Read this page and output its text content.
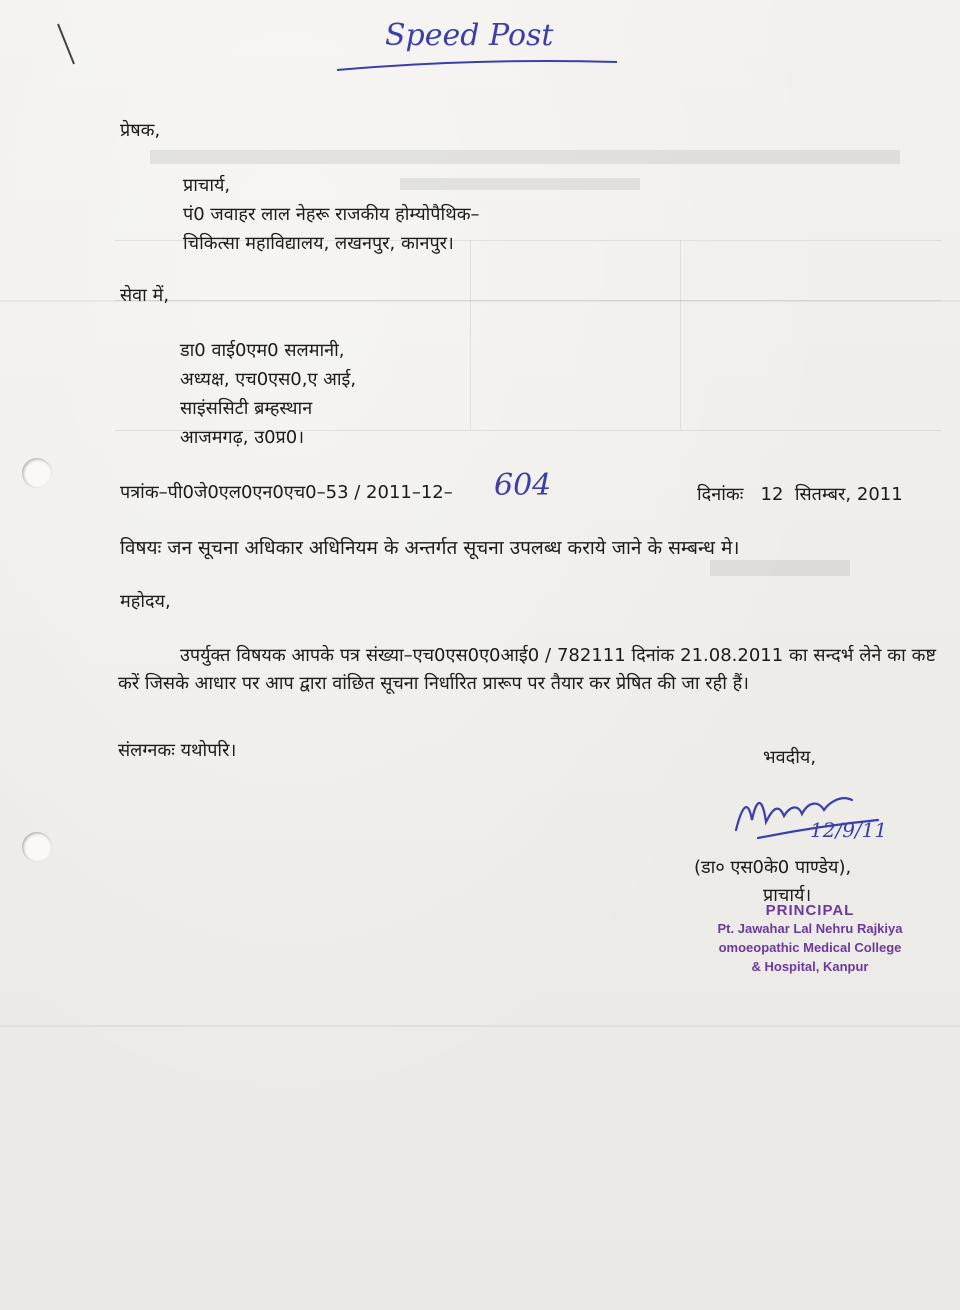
Speed Post
प्रेषक,
प्राचार्य,
पं0 जवाहर लाल नेहरू राजकीय होम्योपैथिक–
चिकित्सा महाविद्यालय, लखनपुर, कानपुर।
सेवा में,
डा0 वाई0एम0 सलमानी,
अध्यक्ष, एच0एस0,ए आई,
साइंससिटी ब्रम्हस्थान
आजमगढ़, उ0प्र0।
पत्रांक–पी0जे0एल0एन0एच0–53 / 2011–12– 604	दिनांकः   12  सितम्बर, 2011
विषयः जन सूचना अधिकार अधिनियम के अन्तर्गत सूचना उपलब्ध कराये जाने के सम्बन्ध मे।
महोदय,
उपर्युक्त विषयक आपके पत्र संख्या–एच0एस0ए0आई0 / 782111 दिनांक 21.08.2011 का सन्दर्भ लेने का कष्ट करें जिसके आधार पर आप द्वारा वांछित सूचना निर्धारित प्रारूप पर तैयार कर प्रेषित की जा रही हैं।
संलग्नकः यथोपरि।	भवदीय,
12/9/11
(डा० एस0के0 पाण्डेय),
प्राचार्य।
PRINCIPAL
Pt. Jawahar Lal Nehru Rajkiya
omoeopathic Medical College
& Hospital, Kanpur
